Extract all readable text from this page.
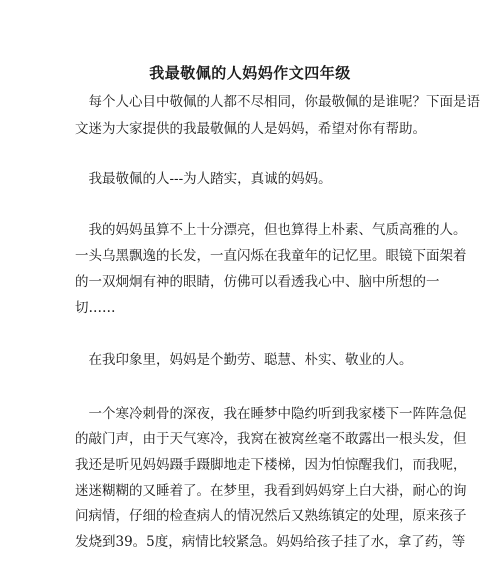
我最敬佩的人妈妈作文四年级
　每个人心目中敬佩的人都不尽相同，你最敬佩的是谁呢？下面是语
文迷为大家提供的我最敬佩的人是妈妈，希望对你有帮助。
　我最敬佩的人---为人踏实，真诚的妈妈。
　我的妈妈虽算不上十分漂亮，但也算得上朴素、气质高雅的人。
一头乌黑飘逸的长发，一直闪烁在我童年的记忆里。眼镜下面架着
的一双炯炯有神的眼睛，仿佛可以看透我心中、脑中所想的一
切……
　在我印象里，妈妈是个勤劳、聪慧、朴实、敬业的人。
　一个寒冷刺骨的深夜，我在睡梦中隐约听到我家楼下一阵阵急促
的敲门声，由于天气寒冷，我窝在被窝丝毫不敢露出一根头发，但
我还是听见妈妈蹑手蹑脚地走下楼梯，因为怕惊醒我们，而我呢，
迷迷糊糊的又睡着了。在梦里，我看到妈妈穿上白大褂，耐心的询
问病情，仔细的检查病人的情况然后又熟练镇定的处理，原来孩子
发烧到39。5度，病情比较紧急。妈妈给孩子挂了水，拿了药，等
